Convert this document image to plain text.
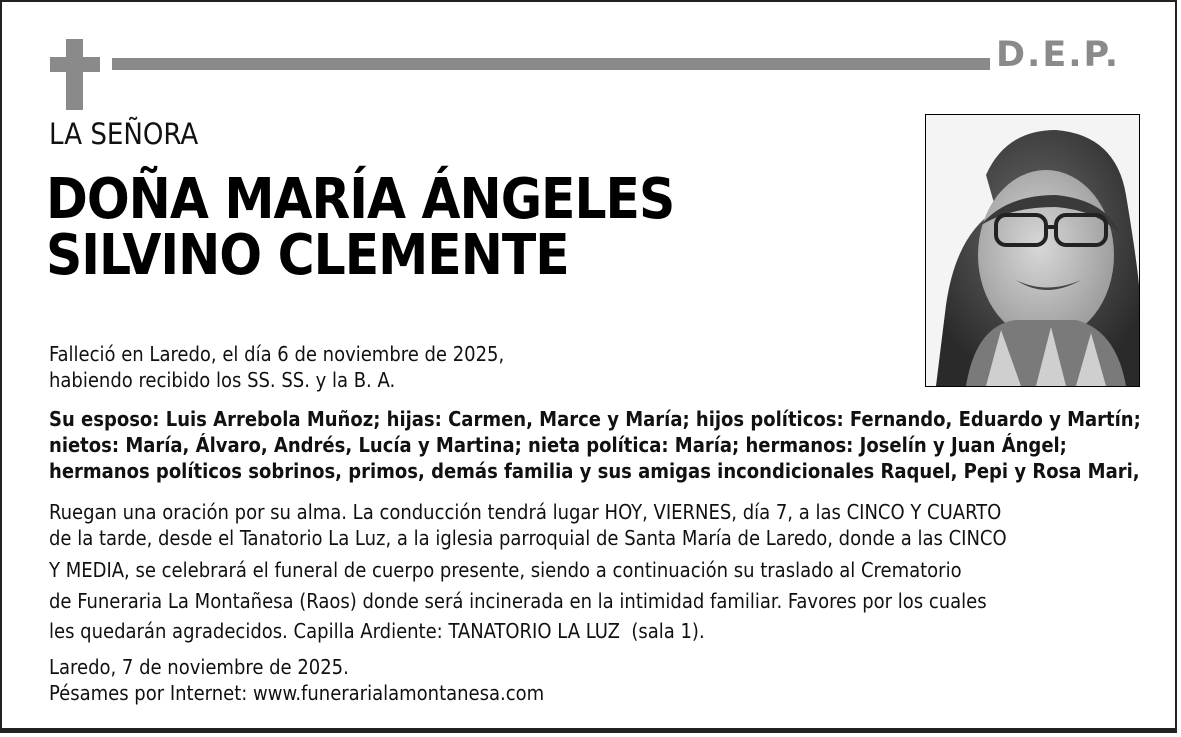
D.E.P.
LA SEÑORA
DOÑA MARÍA ÁNGELES
SILVINO CLEMENTE
Falleció en Laredo, el día 6 de noviembre de 2025,
habiendo recibido los SS. SS. y la B. A.
Su esposo: Luis Arrebola Muñoz; hijas: Carmen, Marce y María; hijos políticos: Fernando, Eduardo y Martín;
nietos: María, Álvaro, Andrés, Lucía y Martina; nieta política: María; hermanos: Joselín y Juan Ángel;
hermanos políticos sobrinos, primos, demás familia y sus amigas incondicionales Raquel, Pepi y Rosa Mari,
Ruegan una oración por su alma. La conducción tendrá lugar HOY, VIERNES, día 7, a las CINCO Y CUARTO
de la tarde, desde el Tanatorio La Luz, a la iglesia parroquial de Santa María de Laredo, donde a las CINCO
Y MEDIA, se celebrará el funeral de cuerpo presente, siendo a continuación su traslado al Crematorio
de Funeraria La Montañesa (Raos) donde será incinerada en la intimidad familiar. Favores por los cuales
les quedarán agradecidos. Capilla Ardiente: TANATORIO LA LUZ  (sala 1).
Laredo, 7 de noviembre de 2025.
Pésames por Internet: www.funerarialamontanesa.com
